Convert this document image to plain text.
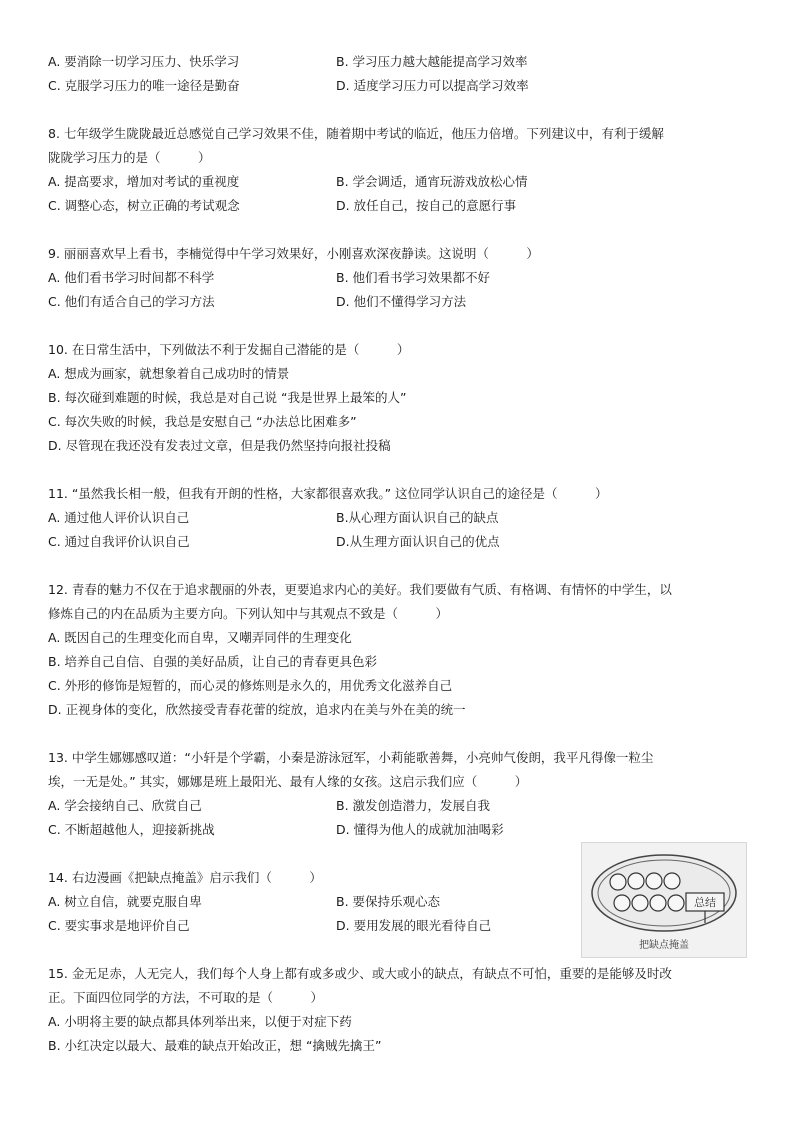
A. 要消除一切学习压力、快乐学习	B. 学习压力越大越能提高学习效率
C. 克服学习压力的唯一途径是勤奋	D. 适度学习压力可以提高学习效率
8. 七年级学生陇陇最近总感觉自己学习效果不佳，随着期中考试的临近，他压力倍增。下列建议中，有利于缓解
陇陇学习压力的是（　　　）
A. 提高要求，增加对考试的重视度	B. 学会调适，通宵玩游戏放松心情
C. 调整心态，树立正确的考试观念	D. 放任自己，按自己的意愿行事
9. 丽丽喜欢早上看书，李楠觉得中午学习效果好，小刚喜欢深夜静读。这说明（　　　）
A. 他们看书学习时间都不科学	B. 他们看书学习效果都不好
C. 他们有适合自己的学习方法	D. 他们不懂得学习方法
10. 在日常生活中，下列做法不利于发掘自己潜能的是（　　　）
A. 想成为画家，就想象着自己成功时的情景
B. 每次碰到难题的时候，我总是对自己说 “我是世界上最笨的人”
C. 每次失败的时候，我总是安慰自己 “办法总比困难多”
D. 尽管现在我还没有发表过文章，但是我仍然坚持向报社投稿
11. “虽然我长相一般，但我有开朗的性格，大家都很喜欢我。” 这位同学认识自己的途径是（　　　）
A. 通过他人评价认识自己	B.从心理方面认识自己的缺点
C. 通过自我评价认识自己	D.从生理方面认识自己的优点
12. 青春的魅力不仅在于追求靓丽的外表，更要追求内心的美好。我们要做有气质、有格调、有情怀的中学生，以
修炼自己的内在品质为主要方向。下列认知中与其观点不致是（　　　）
A. 既因自己的生理变化而自卑，又嘲弄同伴的生理变化
B. 培养自己自信、自强的美好品质，让自己的青春更具色彩
C. 外形的修饰是短暂的，而心灵的修炼则是永久的，用优秀文化滋养自己
D. 正视身体的变化，欣然接受青春花蕾的绽放，追求内在美与外在美的统一
13. 中学生娜娜感叹道：“小轩是个学霸，小秦是游泳冠军，小莉能歌善舞，小亮帅气俊朗，我平凡得像一粒尘
埃，一无是处。” 其实，娜娜是班上最阳光、最有人缘的女孩。这启示我们应（　　　）
A. 学会接纳自己、欣赏自己	B. 激发创造潜力，发展自我
C. 不断超越他人，迎接新挑战	D. 懂得为他人的成就加油喝彩
14. 右边漫画《把缺点掩盖》启示我们（　　　）
A. 树立自信，就要克服自卑	B. 要保持乐观心态
C. 要实事求是地评价自己	D. 要用发展的眼光看待自己
总结
把缺点掩盖
15. 金无足赤，人无完人，我们每个人身上都有或多或少、或大或小的缺点，有缺点不可怕，重要的是能够及时改
正。下面四位同学的方法，不可取的是（　　　）
A. 小明将主要的缺点都具体列举出来，以便于对症下药
B. 小红决定以最大、最难的缺点开始改正，想 “擒贼先擒王”
